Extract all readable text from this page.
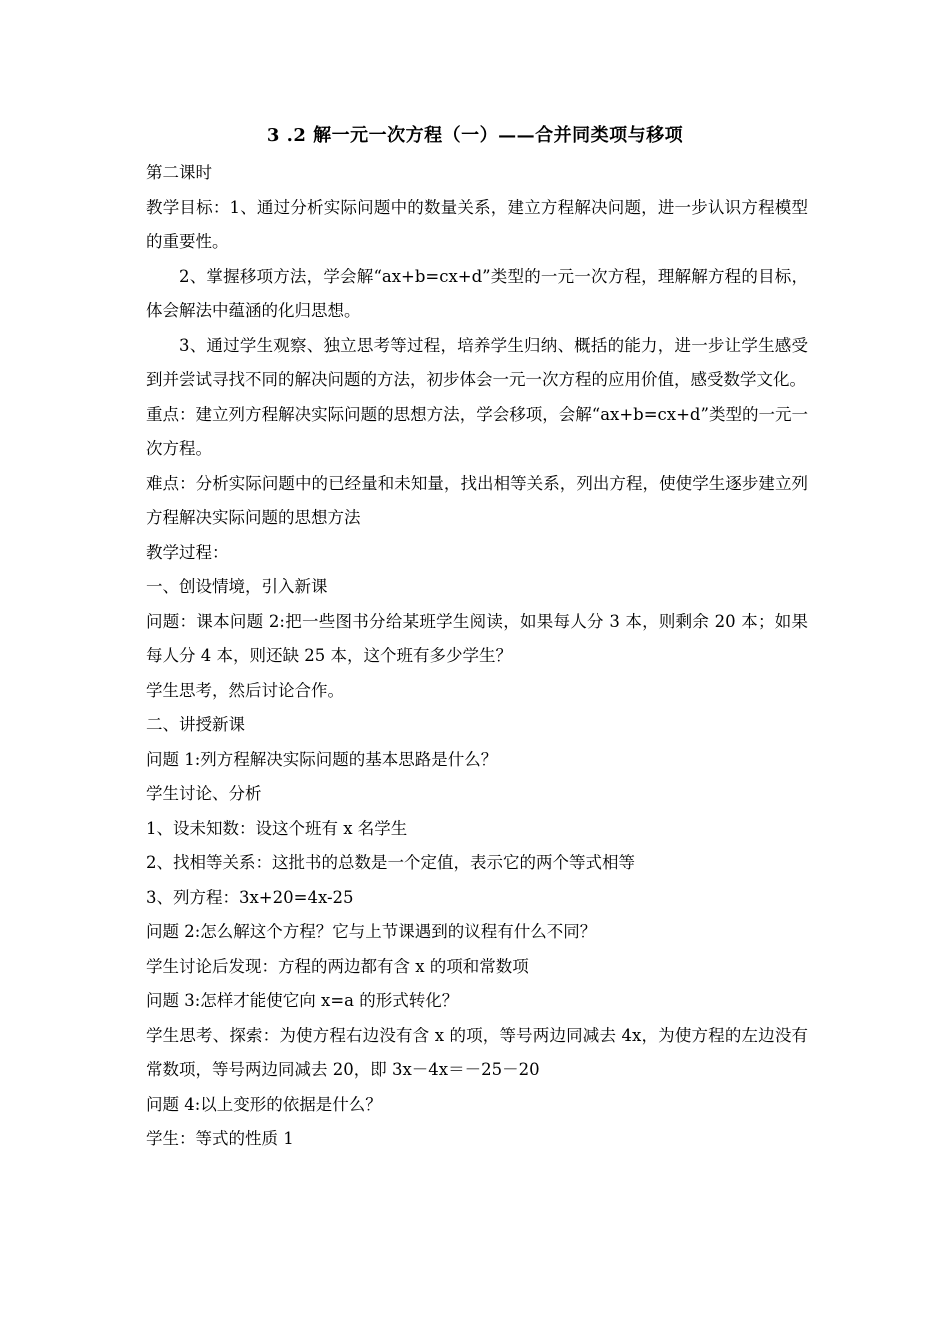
3 .2 解一元一次方程（一）——合并同类项与移项

第二课时

教学目标：1、通过分析实际问题中的数量关系，建立方程解决问题，进一步认识方程模型的重要性。

2、掌握移项方法，学会解“ax+b=cx+d”类型的一元一次方程，理解解方程的目标，体会解法中蕴涵的化归思想。

3、通过学生观察、独立思考等过程，培养学生归纳、概括的能力，进一步让学生感受到并尝试寻找不同的解决问题的方法，初步体会一元一次方程的应用价值，感受数学文化。

重点：建立列方程解决实际问题的思想方法，学会移项，会解“ax+b=cx+d”类型的一元一次方程。

难点：分析实际问题中的已经量和未知量，找出相等关系，列出方程，使使学生逐步建立列方程解决实际问题的思想方法

教学过程：

一、创设情境，引入新课

问题：课本问题 2:把一些图书分给某班学生阅读，如果每人分 3 本，则剩余 20 本；如果每人分 4 本，则还缺 25 本，这个班有多少学生？

学生思考，然后讨论合作。

二、讲授新课

问题 1:列方程解决实际问题的基本思路是什么？

学生讨论、分析

1、设未知数：设这个班有 x 名学生

2、找相等关系：这批书的总数是一个定值，表示它的两个等式相等

3、列方程：3x+20=4x-25

问题 2:怎么解这个方程？它与上节课遇到的议程有什么不同？

学生讨论后发现：方程的两边都有含 x 的项和常数项

问题 3:怎样才能使它向 x=a 的形式转化？

学生思考、探索：为使方程右边没有含 x 的项，等号两边同减去 4x，为使方程的左边没有常数项，等号两边同减去 20，即 3x－4x＝－25－20

问题 4:以上变形的依据是什么？

学生：等式的性质 1
